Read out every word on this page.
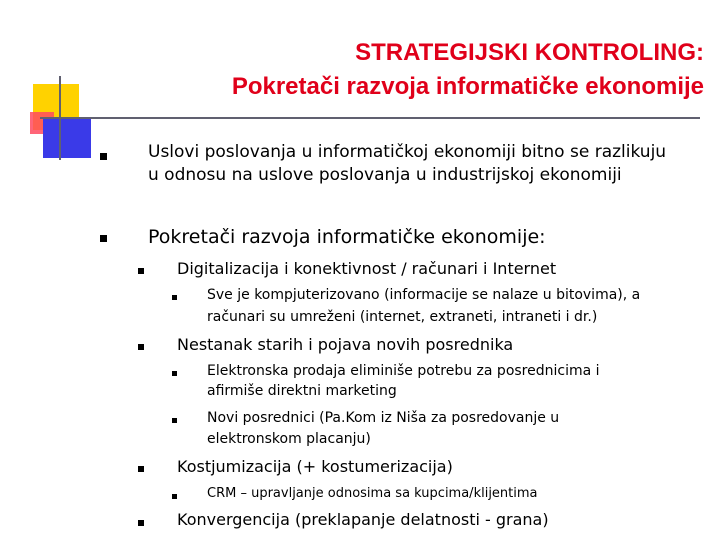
STRATEGIJSKI KONTROLING:
Pokretači razvoja informatičke ekonomije
Uslovi poslovanja u informatičkoj ekonomiji bitno se razlikuju
u odnosu na uslove poslovanja u industrijskoj ekonomiji
Pokretači razvoja informatičke ekonomije:
Digitalizacija i konektivnost / računari i Internet
Sve je kompjuterizovano (informacije se nalaze u bitovima), a
računari su umreženi (internet, extraneti, intraneti i dr.)
Nestanak starih i pojava novih posrednika
Elektronska prodaja eliminiše potrebu za posrednicima i
afirmiše direktni marketing
Novi posrednici (Pa.Kom iz Niša za posredovanje u
elektronskom placanju)
Kostjumizacija (+ kostumerizacija)
CRM – upravljanje odnosima sa kupcima/klijentima
Konvergencija (preklapanje delatnosti - grana)
